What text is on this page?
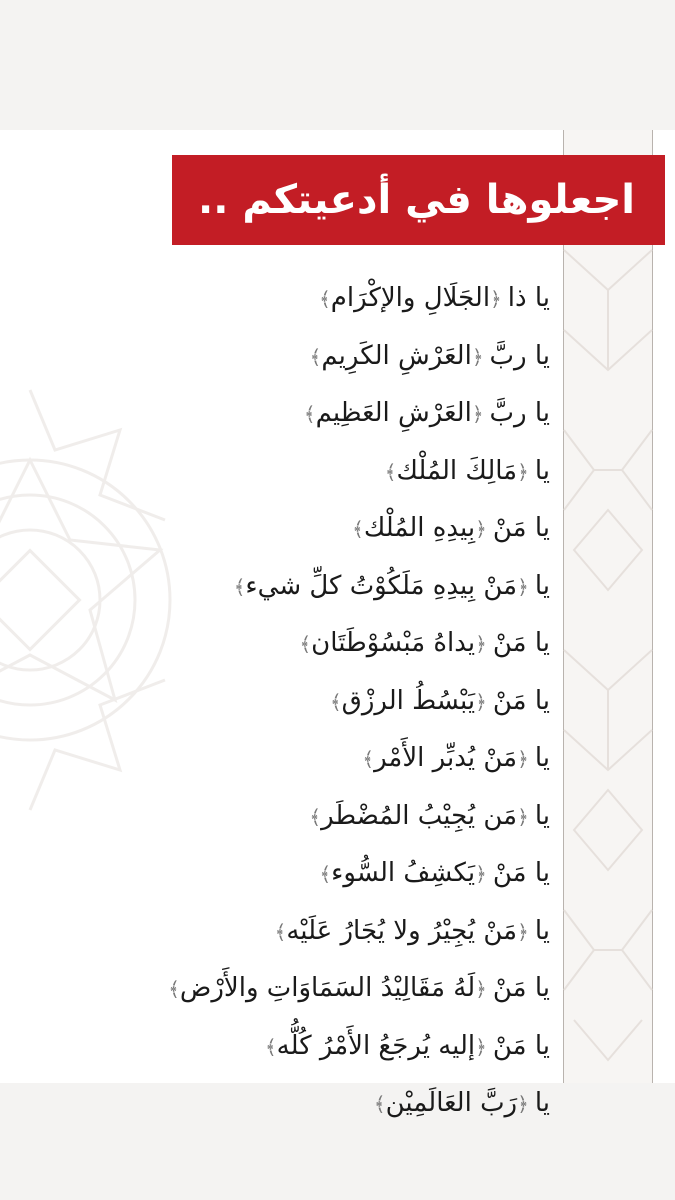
اجعلوها في أدعيتكم ..
يا ذا﴿الجَلَالِ والإكْرَام﴾
يا ربَّ﴿العَرْشِ الكَرِيم﴾
يا ربَّ﴿العَرْشِ العَظِيم﴾
يا﴿مَالِكَ المُلْك﴾
يا مَنْ﴿بِيدِهِ المُلْك﴾
يا﴿مَنْ بِيدِهِ مَلَكُوْتُ كلِّ شيء﴾
يا مَنْ﴿يداهُ مَبْسُوْطَتَان﴾
يا مَنْ﴿يَبْسُطُ الرزْق﴾
يا﴿مَنْ يُدبِّر الأَمْر﴾
يا﴿مَن يُجِيْبُ المُضْطَر﴾
يا مَنْ﴿يَكشِفُ السُّوء﴾
يا﴿مَنْ يُجِيْرُ ولا يُجَارُ عَلَيْه﴾
يا مَنْ﴿لَهُ مَقَالِيْدُ السَمَاوَاتِ والأَرْض﴾
يا مَنْ﴿إليه يُرجَعُ الأَمْرُ كُلُّه﴾
يا﴿رَبَّ العَالَمِيْن﴾
